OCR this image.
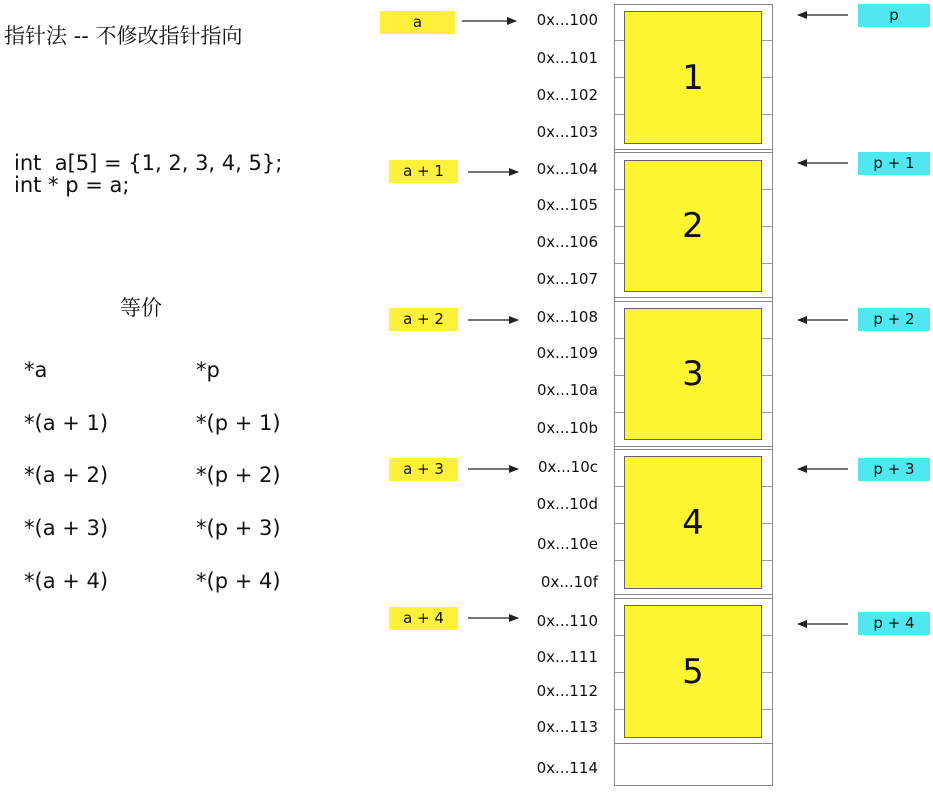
指针法 -- 不修改指针指向
int  a[5] = {1, 2, 3, 4, 5};
int * p = a;
等价
*a	*p
*(a + 1)	*(p + 1)
*(a + 2)	*(p + 2)
*(a + 3)	*(p + 3)
*(a + 4)	*(p + 4)
1
2
3
4
5
0x...100
0x...101
0x...102
0x...103
0x...104
0x...105
0x...106
0x...107
0x...108
0x...109
0x...10a
0x...10b
0x...10c
0x...10d
0x...10e
0x...10f
0x...110
0x...111
0x...112
0x...113
0x...114
a
a + 1
a + 2
a + 3
a + 4
p
p + 1
p + 2
p + 3
p + 4
